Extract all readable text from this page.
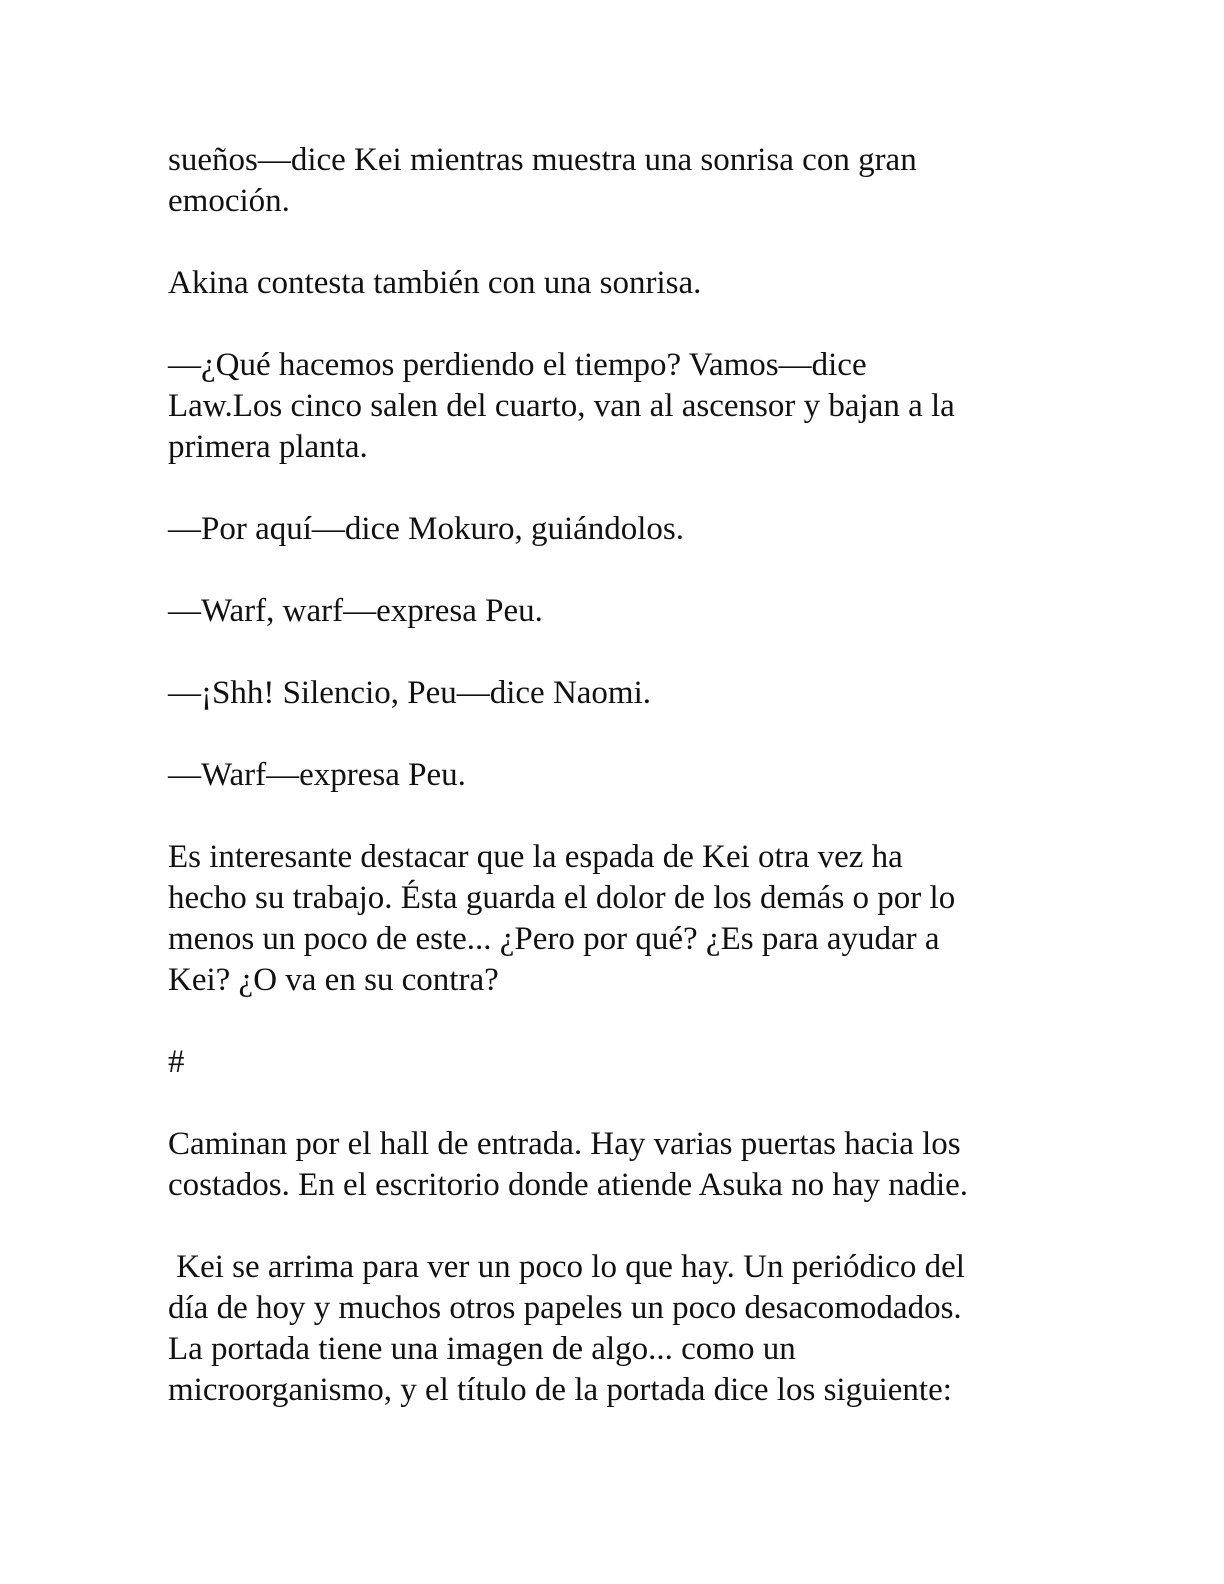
sueños—dice Kei mientras muestra una sonrisa con gran
emoción.

Akina contesta también con una sonrisa.

—¿Qué hacemos perdiendo el tiempo? Vamos—dice
Law.Los cinco salen del cuarto, van al ascensor y bajan a la
primera planta.

—Por aquí—dice Mokuro, guiándolos.

—Warf, warf—expresa Peu.

—¡Shh! Silencio, Peu—dice Naomi.

—Warf—expresa Peu.

Es interesante destacar que la espada de Kei otra vez ha
hecho su trabajo. Ésta guarda el dolor de los demás o por lo
menos un poco de este... ¿Pero por qué? ¿Es para ayudar a
Kei? ¿O va en su contra?

#

Caminan por el hall de entrada. Hay varias puertas hacia los
costados. En el escritorio donde atiende Asuka no hay nadie.

Kei se arrima para ver un poco lo que hay. Un periódico del
día de hoy y muchos otros papeles un poco desacomodados.
La portada tiene una imagen de algo... como un
microorganismo, y el título de la portada dice los siguiente:
